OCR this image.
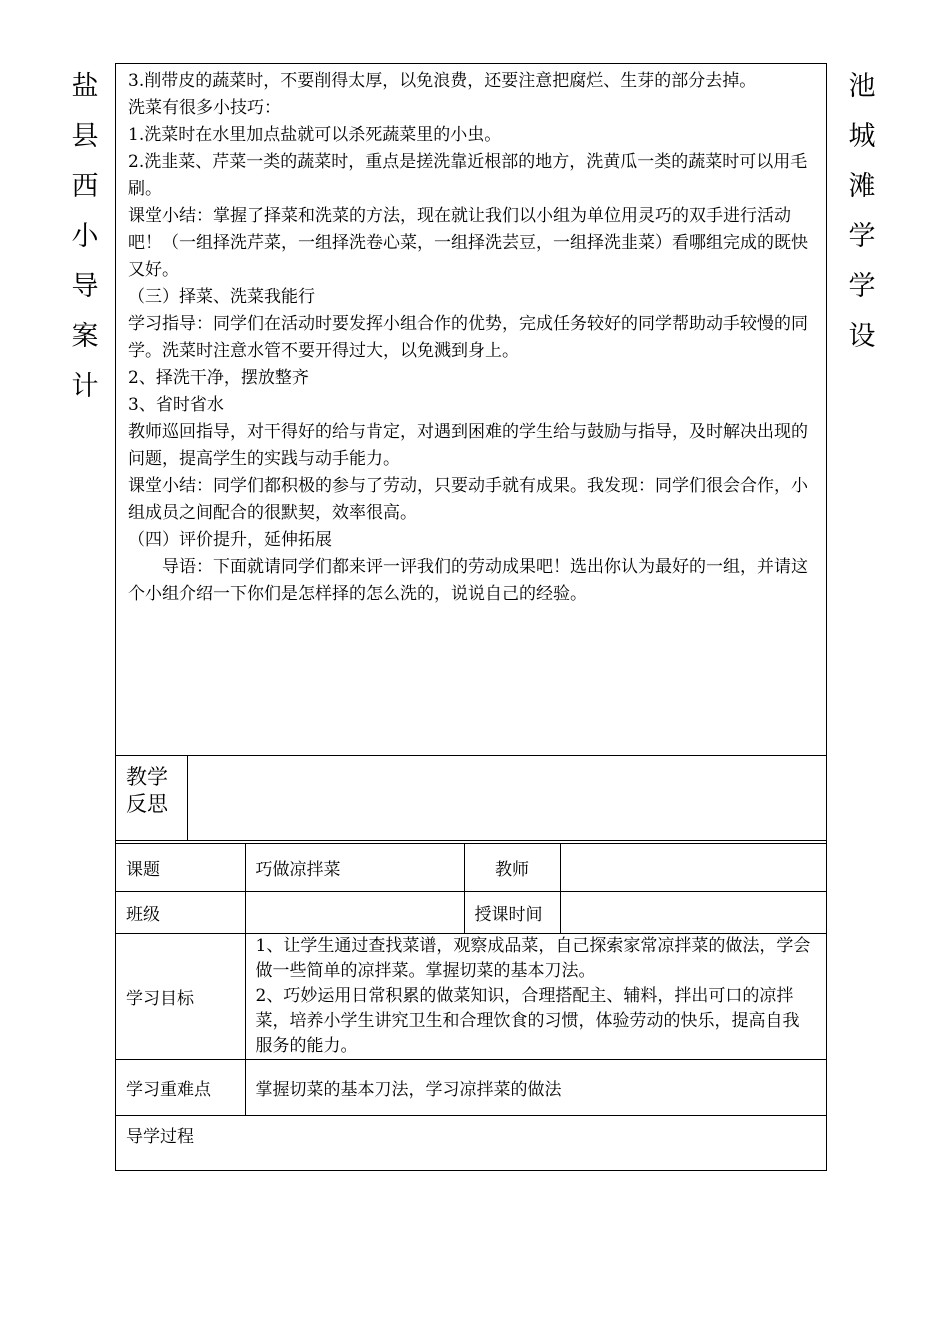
盐
县
西
小
导
案
计
池
城
滩
学
学
设

3.削带皮的蔬菜时，不要削得太厚，以免浪费，还要注意把腐烂、生芽的部分去掉。

洗菜有很多小技巧：

1.洗菜时在水里加点盐就可以杀死蔬菜里的小虫。

2.洗韭菜、芹菜一类的蔬菜时，重点是搓洗靠近根部的地方，洗黄瓜一类的蔬菜时可以用毛刷。

课堂小结：掌握了择菜和洗菜的方法，现在就让我们以小组为单位用灵巧的双手进行活动吧！（一组择洗芹菜，一组择洗卷心菜，一组择洗芸豆，一组择洗韭菜）看哪组完成的既快又好。

（三）择菜、洗菜我能行

学习指导：同学们在活动时要发挥小组合作的优势，完成任务较好的同学帮助动手较慢的同学。洗菜时注意水管不要开得过大，以免溅到身上。

2、择洗干净，摆放整齐

3、省时省水

教师巡回指导，对干得好的给与肯定，对遇到困难的学生给与鼓励与指导，及时解决出现的问题，提高学生的实践与动手能力。

课堂小结：同学们都积极的参与了劳动，只要动手就有成果。我发现：同学们很会合作，小组成员之间配合的很默契，效率很高。

（四）评价提升，延伸拓展

导语：下面就请同学们都来评一评我们的劳动成果吧！选出你认为最好的一组，并请这个小组介绍一下你们是怎样择的怎么洗的，说说自己的经验。

教学
反思
课题	巧做凉拌菜	教师	
班级		授课时间	
学习目标	1、让学生通过查找菜谱，观察成品菜，自己探索家常凉拌菜的做法，学会做一些简单的凉拌菜。掌握切菜的基本刀法。

2、巧妙运用日常积累的做菜知识，合理搭配主、辅料，拌出可口的凉拌菜，培养小学生讲究卫生和合理饮食的习惯，体验劳动的快乐，提高自我服务的能力。		

学习重难点	掌握切菜的基本刀法，学习凉拌菜的做法		
导学过程			
